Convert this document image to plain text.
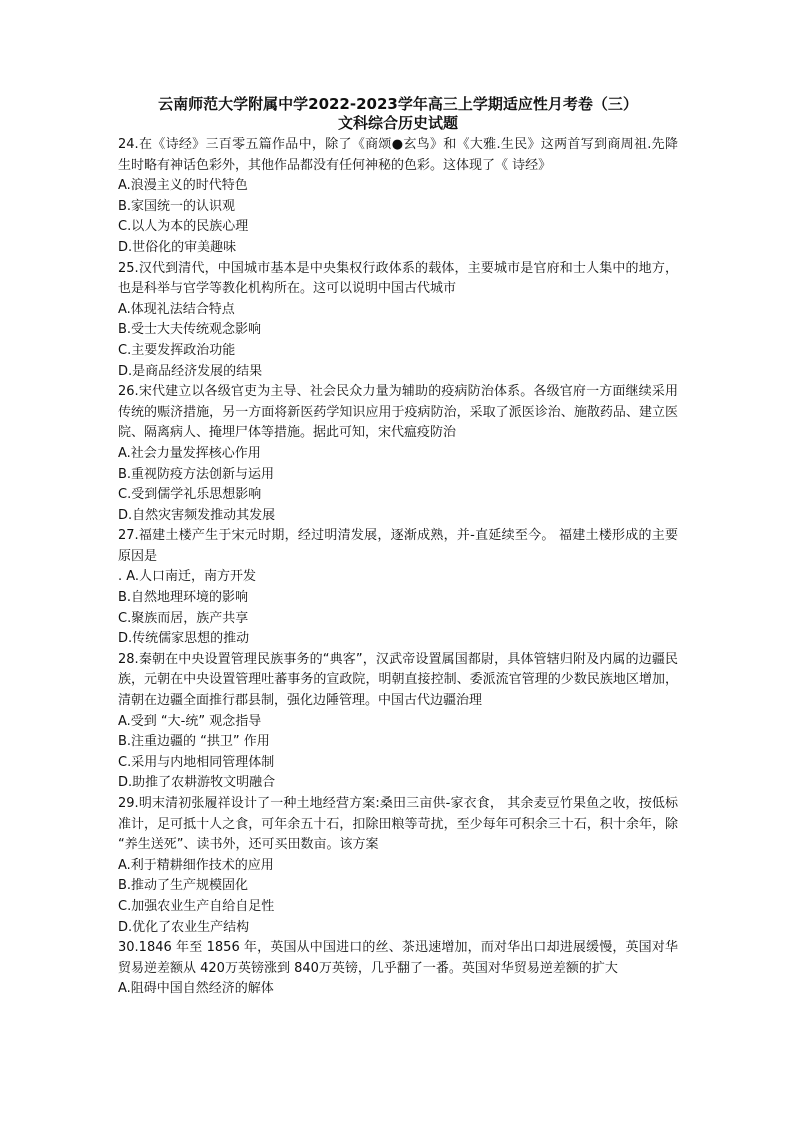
云南师范大学附属中学2022-2023学年高三上学期适应性月考卷（三）

文科综合历史试题

24.在《诗经》三百零五篇作品中，除了《商颂●玄鸟》和《大雅.生民》这两首写到商周祖.先降生时略有神话色彩外，其他作品都没有任何神秘的色彩。这体现了《 诗经》

A.浪漫主义的时代特色

B.家国统一的认识观

C.以人为本的民族心理

D.世俗化的审美趣味

25.汉代到清代，中国城市基本是中央集权行政体系的载体，主要城市是官府和士人集中的地方，也是科举与官学等教化机构所在。这可以说明中国古代城市

A.体现礼法结合特点

B.受士大夫传统观念影响

C.主要发挥政治功能

D.是商品经济发展的结果

26.宋代建立以各级官吏为主导、社会民众力量为辅助的疫病防治体系。各级官府一方面继续采用传统的赈济措施，另一方面将新医药学知识应用于疫病防治，采取了派医诊治、施散药品、建立医院、隔离病人、掩埋尸体等措施。据此可知，宋代瘟疫防治

A.社会力量发挥核心作用

B.重视防疫方法创新与运用

C.受到儒学礼乐思想影响

D.自然灾害频发推动其发展

27.福建土楼产生于宋元时期，经过明清发展，逐渐成熟，并-直延续至今。 福建土楼形成的主要原因是

. A.人口南迁，南方开发

B.自然地理环境的影响

C.聚族而居，族产共享

D.传统儒家思想的推动

28.秦朝在中央设置管理民族事务的“典客”，汉武帝设置属国都尉，具体管辖归附及内属的边疆民族，元朝在中央设置管理吐蕃事务的宣政院，明朝直接控制、委派流官管理的少数民族地区增加，清朝在边疆全面推行郡县制，强化边陲管理。中国古代边疆治理

A.受到 “大-统” 观念指导

B.注重边疆的 “拱卫” 作用

C.采用与内地相同管理体制

D.助推了农耕游牧文明融合

29.明末清初张履祥设计了一种土地经营方案:桑田三亩供-家衣食， 其余麦豆竹果鱼之收，按低标准计，足可抵十人之食，可年余五十石，扣除田粮等苛扰，至少每年可积余三十石，积十余年，除 “养生送死”、读书外，还可买田数亩。该方案

A.利于精耕细作技术的应用

B.推动了生产规模固化

C.加强农业生产自给自足性

D.优化了农业生产结构

30.1846 年至 1856 年，英国从中国进口的丝、茶迅速增加，而对华出口却进展缓慢，英国对华贸易逆差额从 420万英镑涨到 840万英镑，几乎翻了一番。英国对华贸易逆差额的扩大

A.阻碍中国自然经济的解体
